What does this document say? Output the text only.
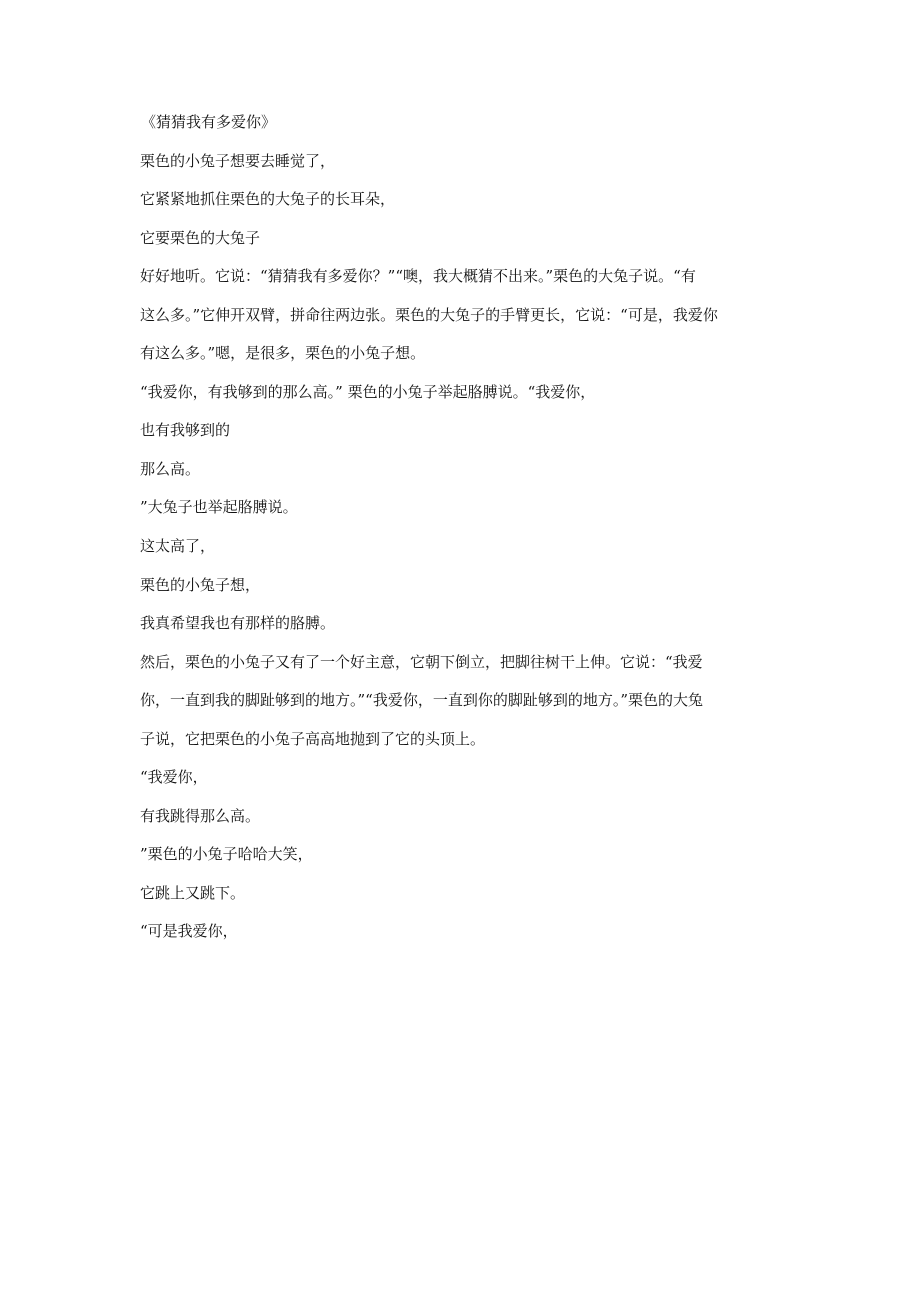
《猜猜我有多爱你》
栗色的小兔子想要去睡觉了，
它紧紧地抓住栗色的大兔子的长耳朵，
它要栗色的大兔子
好好地听。它说：“猜猜我有多爱你？”“噢，我大概猜不出来。”栗色的大兔子说。“有
这么多。”它伸开双臂，拼命往两边张。栗色的大兔子的手臂更长，它说：“可是，我爱你
有这么多。”嗯，是很多，栗色的小兔子想。
“我爱你，有我够到的那么高。” 栗色的小兔子举起胳膊说。“我爱你，
也有我够到的
那么高。
”大兔子也举起胳膊说。
这太高了，
栗色的小兔子想，
我真希望我也有那样的胳膊。
然后，栗色的小兔子又有了一个好主意，它朝下倒立，把脚往树干上伸。它说：“我爱
你，一直到我的脚趾够到的地方。”“我爱你，一直到你的脚趾够到的地方。”栗色的大兔
子说，它把栗色的小兔子高高地抛到了它的头顶上。
“我爱你，
有我跳得那么高。
”栗色的小兔子哈哈大笑，
它跳上又跳下。
“可是我爱你，
